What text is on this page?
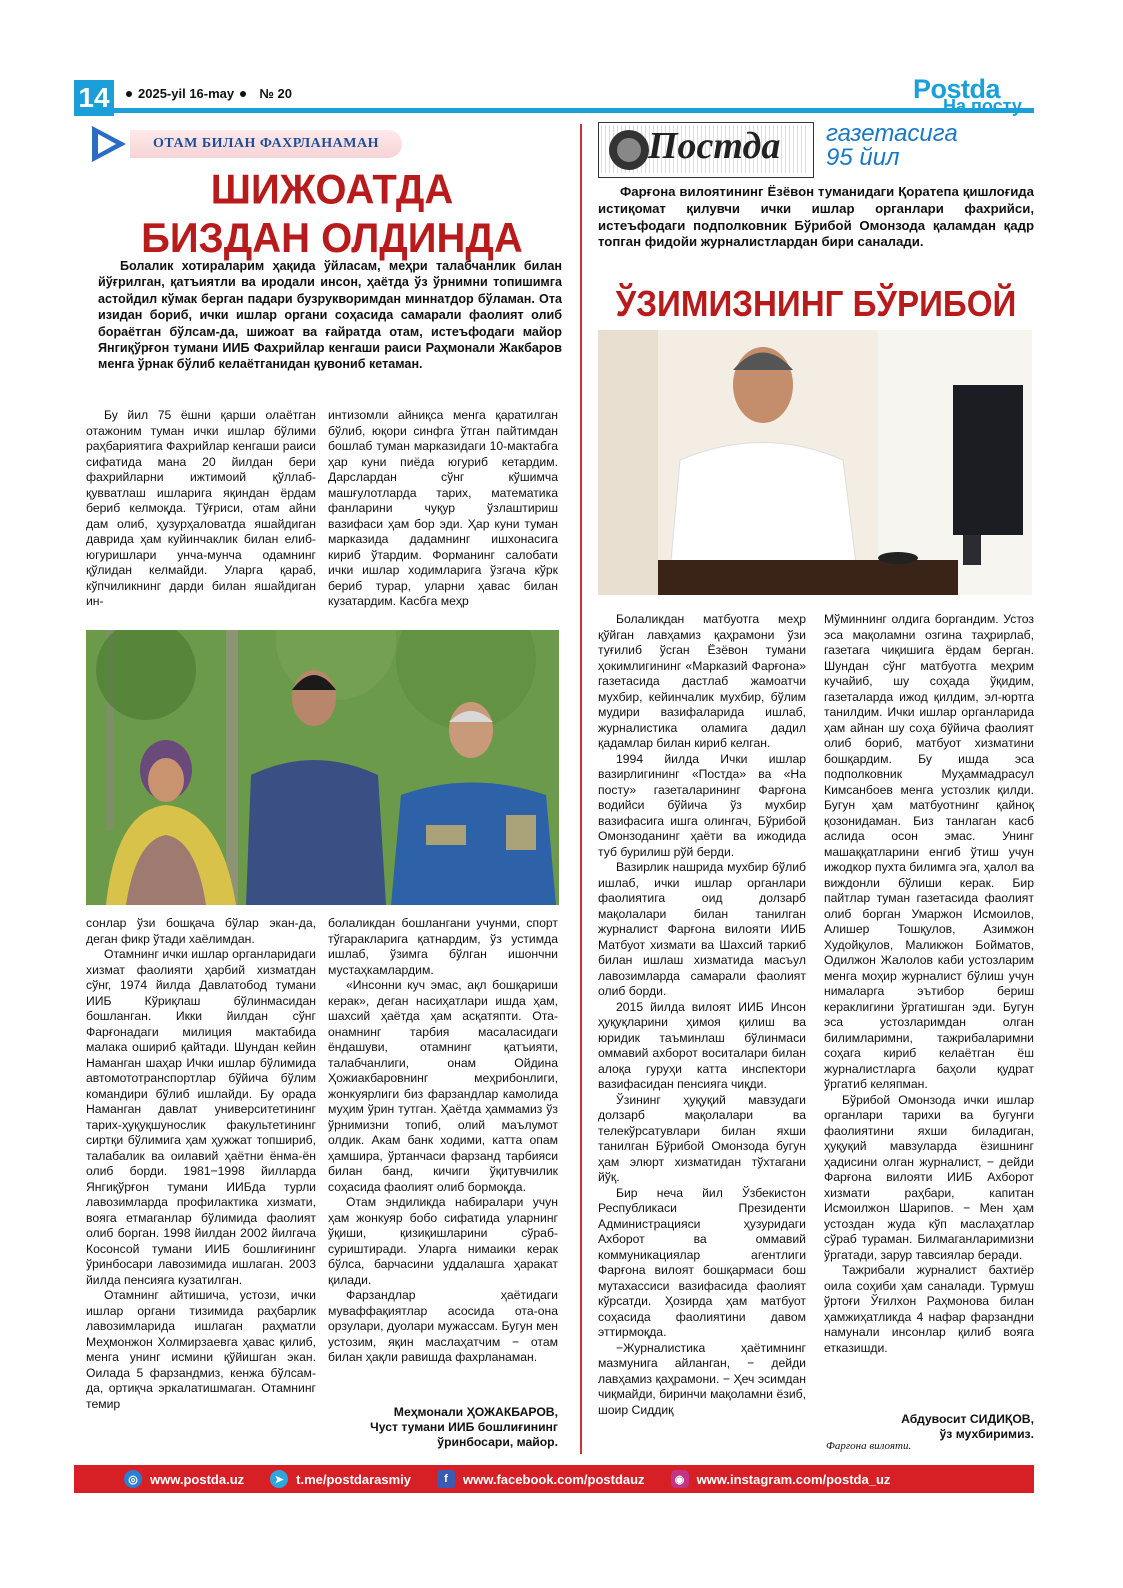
14	2025-yil 16-may № 20	Postda
На посту
ОТАМ БИЛАН ФАХРЛАНАМАН
ШИЖОАТДА
БИЗДАН ОЛДИНДА
Болалик хотираларим ҳақида ўйласам, меҳри талабчанлик билан йўғрилган, қатъиятли ва иродали инсон, ҳаётда ўз ўрнимни топишимга астойдил кўмак берган падари бузрукворимдан миннатдор бўламан. Ота изидан бориб, ички ишлар органи соҳасида самарали фаолият олиб бораётган бўлсам-да, шижоат ва ғайратда отам, истеъфодаги майор Янгиқўрғон тумани ИИБ Фахрийлар кенгаши раиси Раҳмонали Жакбаров менга ўрнак бўлиб келаётганидан қувониб кетаман.

Бу йил 75 ёшни қарши олаётган отажоним туман ички ишлар бўлими раҳбариятига Фахрийлар кенгаши раиси сифатида мана 20 йилдан бери фахрийларни ижтимоий қўллаб-қувватлаш ишларига яқиндан ёрдам бериб келмоқда. Тўғриси, отам айни дам олиб, ҳузурҳаловатда яшайдиган даврида ҳам куйинчаклик билан елиб-югуришлари унча-мунча одамнинг қўлидан келмайди. Уларга қараб, кўпчиликнинг дарди билан яшайдиган ин-

интизомли айниқса менга қаратилган бўлиб, юқори синфга ўтган пайтимдан бошлаб туман марказидаги 10-мактабга ҳар куни пиёда югуриб кетардим. Дарслардан сўнг кўшимча машғулотларда тарих, математика фанларини чуқур ўзлаштириш вазифаси ҳам бор эди. Ҳар куни туман марказида дадамнинг ишхонасига кириб ўтардим. Форманинг салобати ички ишлар ходимларига ўзгача кўрк бериб турар, уларни ҳавас билан кузатардим. Касбга меҳр

сонлар ўзи бошқача бўлар экан-да, деган фикр ўтади хаёлимдан.

Отамнинг ички ишлар органларидаги хизмат фаолияти ҳарбий хизматдан сўнг, 1974 йилда Давлатобод тумани ИИБ Кўриқлаш бўлинмасидан бошланган. Икки йилдан сўнг Фарғонадаги милиция мактабида малака ошириб қайтади. Шундан кейин Наманган шаҳар Ички ишлар бўлимида автомототранспортлар бўйича бўлим командири бўлиб ишлайди. Бу орада Наманган давлат университетининг тарих-ҳуқуқшунослик факультетининг сиртқи бўлимига ҳам ҳужжат топшириб, талабалик ва оилавий ҳаётни ёнма-ён олиб борди. 1981−1998 йилларда Янгиқўрғон тумани ИИБда турли лавозимларда профилактика хизмати, вояга етмаганлар бўлимида фаолият олиб борган. 1998 йилдан 2002 йилгача Косонсой тумани ИИБ бошлиғининг ўринбосари лавозимида ишлаган. 2003 йилда пенсияга кузатилган.

Отамнинг айтишича, устози, ички ишлар органи тизимида раҳбарлик лавозимларида ишлаган раҳматли Меҳмонжон Холмирзаевга ҳавас қилиб, менга унинг исмини қўйишган экан. Оилада 5 фарзандмиз, кенжа бўлсам-да, ортиқча эркалатишмаган. Отамнинг темир

болаликдан бошлангани учунми, спорт тўгаракларига қатнардим, ўз устимда ишлаб, ўзимга бўлган ишончни мустаҳкамлардим.

«Инсонни куч эмас, ақл бошқариши керак», деган насиҳатлари ишда ҳам, шахсий ҳаётда ҳам асқатяпти. Ота-онамнинг тарбия масаласидаги ёндашуви, отамнинг қатъияти, талабчанлиги, онам Ойдина Ҳожиакбаровнинг меҳрибонлиги, жонкуярлиги биз фарзандлар камолида муҳим ўрин тутган. Ҳаётда ҳаммамиз ўз ўрнимизни топиб, олий маълумот олдик. Акам банк ходими, катта опам ҳамшира, ўртанчаси фарзанд тарбияси билан банд, кичиги ўқитувчилик соҳасида фаолият олиб бормоқда.

Отам эндиликда набиралари учун ҳам жонкуяр бобо сифатида уларнинг ўқиши, қизиқишларини сўраб-суриштиради. Уларга нимаики керак бўлса, барчасини уддалашга ҳаракат қилади.

Фарзандлар ҳаётидаги муваффақиятлар асосида ота-она орзулари, дуолари мужассам. Бугун мен устозим, яқин маслаҳатчим − отам билан ҳақли равишда фахрланаман.

Меҳмонали ҲОЖАКБАРОВ,
Чуст тумани ИИБ бошлиғининг
ўринбосари, майор.
Постда газетасига
95 йил
Фарғона вилоятининг Ёзёвон туманидаги Қоратепа қишлоғида истиқомат қилувчи ички ишлар органлари фахрийси, истеъфодаги подполковник Бўрибой Омонзода қаламдан қадр топган фидойи журналистлардан бири саналади.
ЎЗИМИЗНИНГ БЎРИБОЙ

Болаликдан матбуотга меҳр қўйган лавҳамиз қаҳрамони ўзи туғилиб ўсган Ёзёвон тумани ҳокимлигининг «Марказий Фарғона» газетасида дастлаб жамоатчи мухбир, кейинчалик мухбир, бўлим мудири вазифаларида ишлаб, журналистика оламига дадил қадамлар билан кириб келган.

1994 йилда Ички ишлар вазирлигининг «Постда» ва «На посту» газеталарининг Фарғона водийси бўйича ўз мухбир вазифасига ишга олингач, Бўрибой Омонзоданинг ҳаёти ва ижодида туб бурилиш рўй берди.

Вазирлик нашрида мухбир бўлиб ишлаб, ички ишлар органлари фаолиятига оид долзарб мақолалари билан танилган журналист Фарғона вилояти ИИБ Матбуот хизмати ва Шахсий таркиб билан ишлаш хизматида масъул лавозимларда самарали фаолият олиб борди.

2015 йилда вилоят ИИБ Инсон ҳуқуқларини ҳимоя қилиш ва юридик таъминлаш бўлинмаси оммавий ахборот воситалари билан алоқа гуруҳи катта инспектори вазифасидан пенсияга чиқди.

Ўзининг ҳуқуқий мавзудаги долзарб мақолалари ва телекўрсатувлари билан яхши танилган Бўрибой Омонзода бугун ҳам элюрт хизматидан тўхтагани йўқ.

Бир неча йил Ўзбекистон Республикаси Президенти Администрацияси ҳузуридаги Ахборот ва оммавий коммуникациялар агентлиги Фарғона вилоят бошқармаси бош мутахассиси вазифасида фаолият кўрсатди. Ҳозирда ҳам матбуот соҳасида фаолиятини давом эттирмоқда.

−Журналистика ҳаётимнинг мазмунига айланган, − дейди лавҳамиз қаҳрамони. − Ҳеч эсимдан чиқмайди, биринчи мақоламни ёзиб, шоир Сиддиқ

Мўминнинг олдига боргандим. Устоз эса мақоламни озгина таҳрирлаб, газетага чиқишига ёрдам берган. Шундан сўнг матбуотга меҳрим кучайиб, шу соҳада ўқидим, газеталарда ижод қилдим, эл-юртга танилдим. Ички ишлар органларида ҳам айнан шу соҳа бўйича фаолият олиб бориб, матбуот хизматини бошқардим. Бу ишда эса подполковник Муҳаммадрасул Кимсанбоев менга устозлик қилди. Бугун ҳам матбуотнинг қайноқ қозонидаман. Биз танлаган касб аслида осон эмас. Унинг машаққатларини енгиб ўтиш учун ижодкор пухта билимга эга, ҳалол ва виждонли бўлиши керак. Бир пайтлар туман газетасида фаолият олиб борган Умаржон Исмоилов, Алишер Тошқулов, Азимжон Худойқулов, Маликжон Бойматов, Одилжон Жалолов каби устозларим менга моҳир журналист бўлиш учун нималарга эътибор бериш кераклигини ўргатишган эди. Бугун эса устозларимдан олган билимларимни, тажрибаларимни соҳага кириб келаётган ёш журналистларга баҳоли қудрат ўргатиб келяпман.

Бўрибой Омонзода ички ишлар органлари тарихи ва бугунги фаолиятини яхши биладиган, ҳуқуқий мавзуларда ёзишнинг ҳадисини олган журналист, − дейди Фарғона вилояти ИИБ Ахборот хизмати раҳбари, капитан Исмоилжон Шарипов. − Мен ҳам устоздан жуда кўп маслаҳатлар сўраб тураман. Билмаганларимизни ўргатади, зарур тавсиялар беради.

Тажрибали журналист бахтиёр оила соҳиби ҳам саналади. Турмуш ўртоғи Ўғилхон Раҳмонова билан ҳамжиҳатликда 4 нафар фарзандни намунали инсонлар қилиб вояга етказишди.

Абдувосит СИДИҚОВ,
ўз мухбиримиз.
Фарғона вилояти.
◎ www.postda.uz	➤ t.me/postdarasmiy	f	www.facebook.com/postdauz	◉ www.instagram.com/postda_uz
